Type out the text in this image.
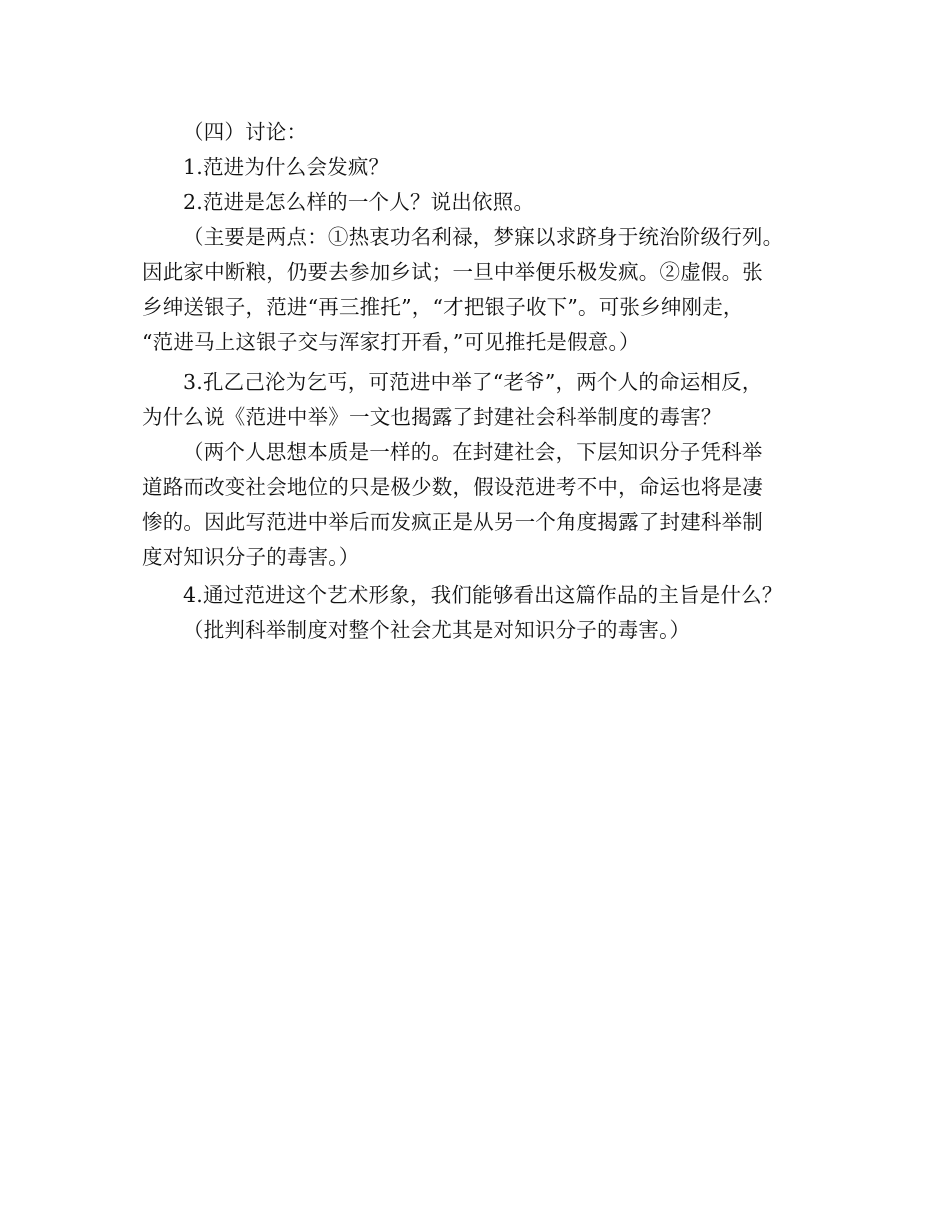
（四）讨论：
1.范进为什么会发疯？
2.范进是怎么样的一个人？说出依照。
（主要是两点：①热衷功名利禄，梦寐以求跻身于统治阶级行列。
因此家中断粮，仍要去参加乡试；一旦中举便乐极发疯。②虚假。张
乡绅送银子，范进“再三推托”，“才把银子收下”。可张乡绅刚走，
“范进马上这银子交与浑家打开看，”可见推托是假意。）
3.孔乙己沦为乞丐，可范进中举了“老爷”，两个人的命运相反，
为什么说《范进中举》一文也揭露了封建社会科举制度的毒害？
（两个人思想本质是一样的。在封建社会，下层知识分子凭科举
道路而改变社会地位的只是极少数，假设范进考不中，命运也将是凄
惨的。因此写范进中举后而发疯正是从另一个角度揭露了封建科举制
度对知识分子的毒害。）
4.通过范进这个艺术形象，我们能够看出这篇作品的主旨是什么？
（批判科举制度对整个社会尤其是对知识分子的毒害。）
